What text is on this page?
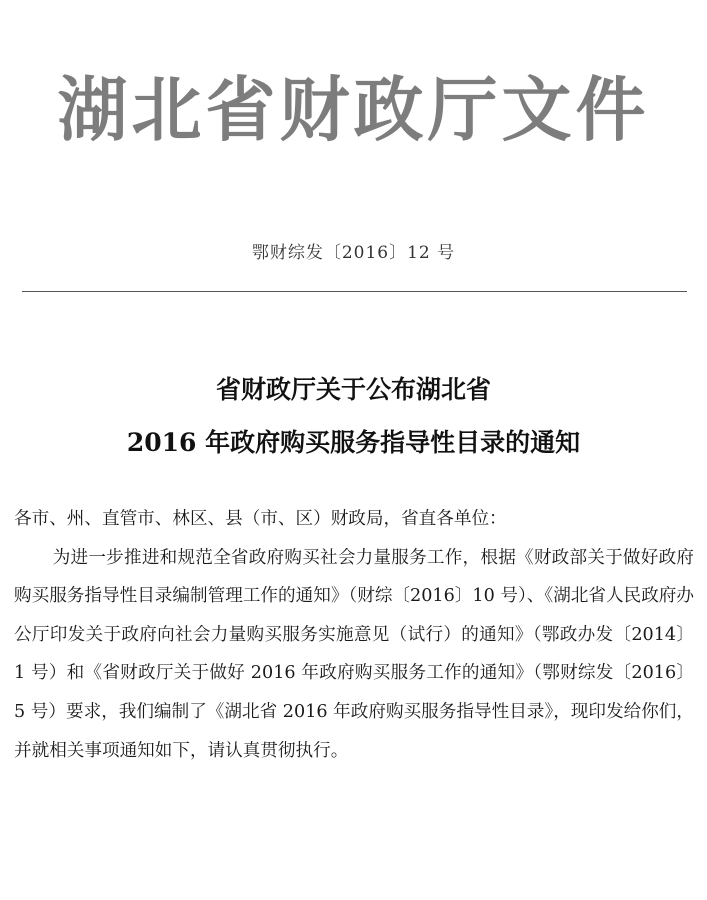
湖北省财政厅文件
鄂财综发〔2016〕12 号
省财政厅关于公布湖北省
2016 年政府购买服务指导性目录的通知

各市、州、直管市、林区、县（市、区）财政局，省直各单位：

为进一步推进和规范全省政府购买社会力量服务工作，根据《财政部关于做好政府购买服务指导性目录编制管理工作的通知》（财综〔2016〕10 号）、《湖北省人民政府办公厅印发关于政府向社会力量购买服务实施意见（试行）的通知》（鄂政办发〔2014〕1 号）和《省财政厅关于做好 2016 年政府购买服务工作的通知》（鄂财综发〔2016〕5 号）要求，我们编制了《湖北省 2016 年政府购买服务指导性目录》，现印发给你们，并就相关事项通知如下，请认真贯彻执行。
